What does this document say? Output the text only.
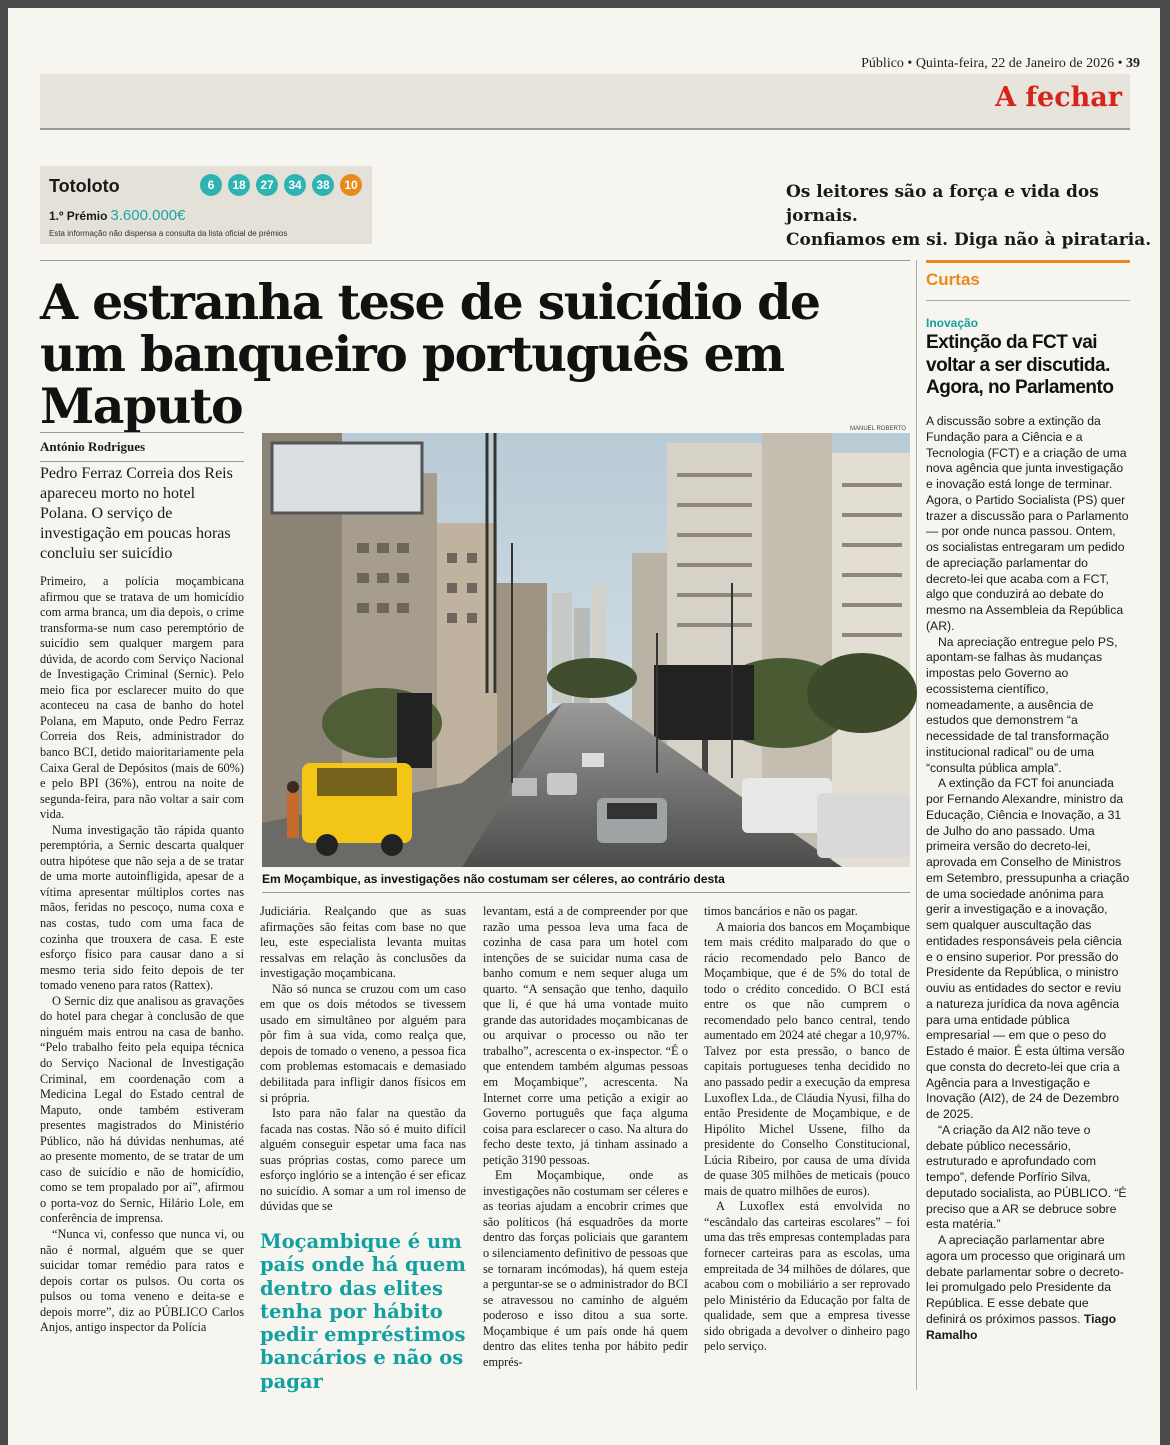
Público • Quinta-feira, 22 de Janeiro de 2026 • 39
A fechar
Totoloto	6	18	27	34	38	10
1.º Prémio 3.600.000€
Esta informação não dispensa a consulta da lista oficial de prémios
Os leitores são a força e vida dos jornais.
Confiamos em si. Diga não à pirataria.
A estranha tese de suicídio de um banqueiro português em Maputo
António Rodrigues
Pedro Ferraz Correia dos Reis apareceu morto no hotel Polana. O serviço de investigação em poucas horas concluiu ser suicídio

Primeiro, a polícia moçambicana afirmou que se tratava de um homicídio com arma branca, um dia depois, o crime transforma-se num caso peremptório de suicídio sem qualquer margem para dúvida, de acordo com Serviço Nacional de Investigação Criminal (Sernic). Pelo meio fica por esclarecer muito do que aconteceu na casa de banho do hotel Polana, em Maputo, onde Pedro Ferraz Correia dos Reis, administrador do banco BCI, detido maioritariamente pela Caixa Geral de Depósitos (mais de 60%) e pelo BPI (36%), entrou na noite de segunda-feira, para não voltar a sair com vida.

Numa investigação tão rápida quanto peremptória, a Sernic descarta qualquer outra hipótese que não seja a de se tratar de uma morte autoinfligida, apesar de a vítima apresentar múltiplos cortes nas mãos, feridas no pescoço, numa coxa e nas costas, tudo com uma faca de cozinha que trouxera de casa. E este esforço físico para causar dano a si mesmo teria sido feito depois de ter tomado veneno para ratos (Rattex).

O Sernic diz que analisou as gravações do hotel para chegar à conclusão de que ninguém mais entrou na casa de banho. “Pelo trabalho feito pela equipa técnica do Serviço Nacional de Investigação Criminal, em coordenação com a Medicina Legal do Estado central de Maputo, onde também estiveram presentes magistrados do Ministério Público, não há dúvidas nenhumas, até ao presente momento, de se tratar de um caso de suicídio e não de homicídio, como se tem propalado por aí”, afirmou o porta-voz do Sernic, Hilário Lole, em conferência de imprensa.

“Nunca vi, confesso que nunca vi, ou não é normal, alguém que se quer suicidar tomar remédio para ratos e depois cortar os pulsos. Ou corta os pulsos ou toma veneno e deita-se e depois morre”, diz ao PÚBLICO Carlos Anjos, antigo inspector da Polícia

MANUEL ROBERTO
Em Moçambique, as investigações não costumam ser céleres, ao contrário desta

Judiciária. Realçando que as suas afirmações são feitas com base no que leu, este especialista levanta muitas ressalvas em relação às conclusões da investigação moçambicana.

Não só nunca se cruzou com um caso em que os dois métodos se tivessem usado em simultâneo por alguém para pôr fim à sua vida, como realça que, depois de tomado o veneno, a pessoa fica com problemas estomacais e demasiado debilitada para infligir danos físicos em si própria.

Isto para não falar na questão da facada nas costas. Não só é muito difícil alguém conseguir espetar uma faca nas suas próprias costas, como parece um esforço inglório se a intenção é ser eficaz no suicídio. A somar a um rol imenso de dúvidas que se

Moçambique é um país onde há quem dentro das elites tenha por hábito pedir empréstimos bancários e não os pagar

levantam, está a de compreender por que razão uma pessoa leva uma faca de cozinha de casa para um hotel com intenções de se suicidar numa casa de banho comum e nem sequer aluga um quarto. “A sensação que tenho, daquilo que li, é que há uma vontade muito grande das autoridades moçambicanas de ou arquivar o processo ou não ter trabalho”, acrescenta o ex-inspector. “É o que entendem também algumas pessoas em Moçambique”, acrescenta. Na Internet corre uma petição a exigir ao Governo português que faça alguma coisa para esclarecer o caso. Na altura do fecho deste texto, já tinham assinado a petição 3190 pessoas.

Em Moçambique, onde as investigações não costumam ser céleres e as teorias ajudam a encobrir crimes que são políticos (há esquadrões da morte dentro das forças policiais que garantem o silenciamento definitivo de pessoas que se tornaram incómodas), há quem esteja a perguntar-se se o administrador do BCI se atravessou no caminho de alguém poderoso e isso ditou a sua sorte. Moçambique é um país onde há quem dentro das elites tenha por hábito pedir emprés-

timos bancários e não os pagar.

A maioria dos bancos em Moçambique tem mais crédito malparado do que o rácio recomendado pelo Banco de Moçambique, que é de 5% do total de todo o crédito concedido. O BCI está entre os que não cumprem o recomendado pelo banco central, tendo aumentado em 2024 até chegar a 10,97%. Talvez por esta pressão, o banco de capitais portugueses tenha decidido no ano passado pedir a execução da empresa Luxoflex Lda., de Cláudia Nyusi, filha do então Presidente de Moçambique, e de Hipólito Michel Ussene, filho da presidente do Conselho Constitucional, Lúcia Ribeiro, por causa de uma dívida de quase 305 milhões de meticais (pouco mais de quatro milhões de euros).

A Luxoflex está envolvida no “escândalo das carteiras escolares” – foi uma das três empresas contempladas para fornecer carteiras para as escolas, uma empreitada de 34 milhões de dólares, que acabou com o mobiliário a ser reprovado pelo Ministério da Educação por falta de qualidade, sem que a empresa tivesse sido obrigada a devolver o dinheiro pago pelo serviço.

Curtas
Inovação
Extinção da FCT vai voltar a ser discutida. Agora, no Parlamento

A discussão sobre a extinção da Fundação para a Ciência e a Tecnologia (FCT) e a criação de uma nova agência que junta investigação e inovação está longe de terminar. Agora, o Partido Socialista (PS) quer trazer a discussão para o Parlamento — por onde nunca passou. Ontem, os socialistas entregaram um pedido de apreciação parlamentar do decreto-lei que acaba com a FCT, algo que conduzirá ao debate do mesmo na Assembleia da República (AR).

Na apreciação entregue pelo PS, apontam-se falhas às mudanças impostas pelo Governo ao ecossistema científico, nomeadamente, a ausência de estudos que demonstrem “a necessidade de tal transformação institucional radical” ou de uma “consulta pública ampla”.

A extinção da FCT foi anunciada por Fernando Alexandre, ministro da Educação, Ciência e Inovação, a 31 de Julho do ano passado. Uma primeira versão do decreto-lei, aprovada em Conselho de Ministros em Setembro, pressupunha a criação de uma sociedade anónima para gerir a investigação e a inovação, sem qualquer auscultação das entidades responsáveis pela ciência e o ensino superior. Por pressão do Presidente da República, o ministro ouviu as entidades do sector e reviu a natureza jurídica da nova agência para uma entidade pública empresarial — em que o peso do Estado é maior. É esta última versão que consta do decreto-lei que cria a Agência para a Investigação e Inovação (AI2), de 24 de Dezembro de 2025.

“A criação da AI2 não teve o debate público necessário, estruturado e aprofundado com tempo”, defende Porfírio Silva, deputado socialista, ao PÚBLICO. “É preciso que a AR se debruce sobre esta matéria.”

A apreciação parlamentar abre agora um processo que originará um debate parlamentar sobre o decreto-lei promulgado pelo Presidente da República. E esse debate que definirá os próximos passos. Tiago Ramalho
